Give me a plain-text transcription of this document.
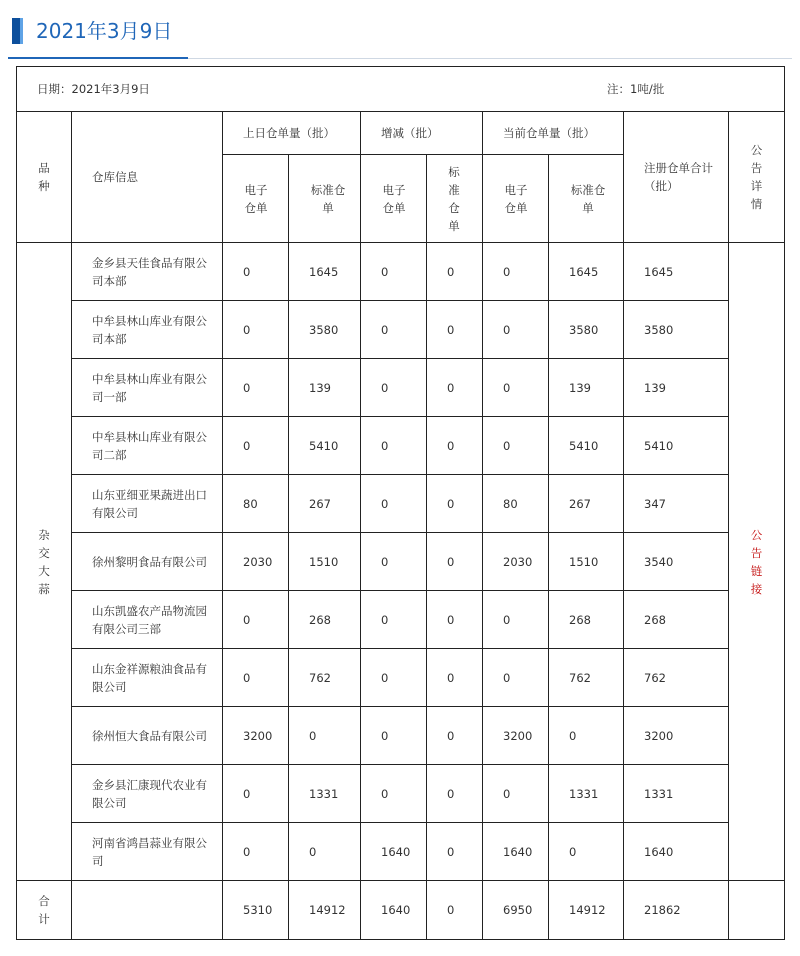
2021年3月9日
日期：2021年3月9日 注：1吨/批									

品种	仓库信息	上日仓单量（批）		增减（批）		当前仓单量（批）		注册仓单合计（批）	公告详情
		电子仓单	标准仓单	电子仓单	标准仓单	电子仓单	标准仓单		
杂交大蒜	金乡县天佳食品有限公司本部	0	1645	0	0	0	1645	1645	公告链接
	中牟县林山库业有限公司本部	0	3580	0	0	0	3580	3580	
	中牟县林山库业有限公司一部	0	139	0	0	0	139	139	
	中牟县林山库业有限公司二部	0	5410	0	0	0	5410	5410	
	山东亚细亚果蔬进出口有限公司	80	267	0	0	80	267	347	
	徐州黎明食品有限公司	2030	1510	0	0	2030	1510	3540	
	山东凯盛农产品物流园有限公司三部	0	268	0	0	0	268	268	
	山东金祥源粮油食品有限公司	0	762	0	0	0	762	762	
	徐州恒大食品有限公司	3200	0	0	0	3200	0	3200	
	金乡县汇康现代农业有限公司	0	1331	0	0	0	1331	1331	
	河南省鸿昌蒜业有限公司	0	0	1640	0	1640	0	1640	
合计		5310	14912	1640	0	6950	14912	21862	
